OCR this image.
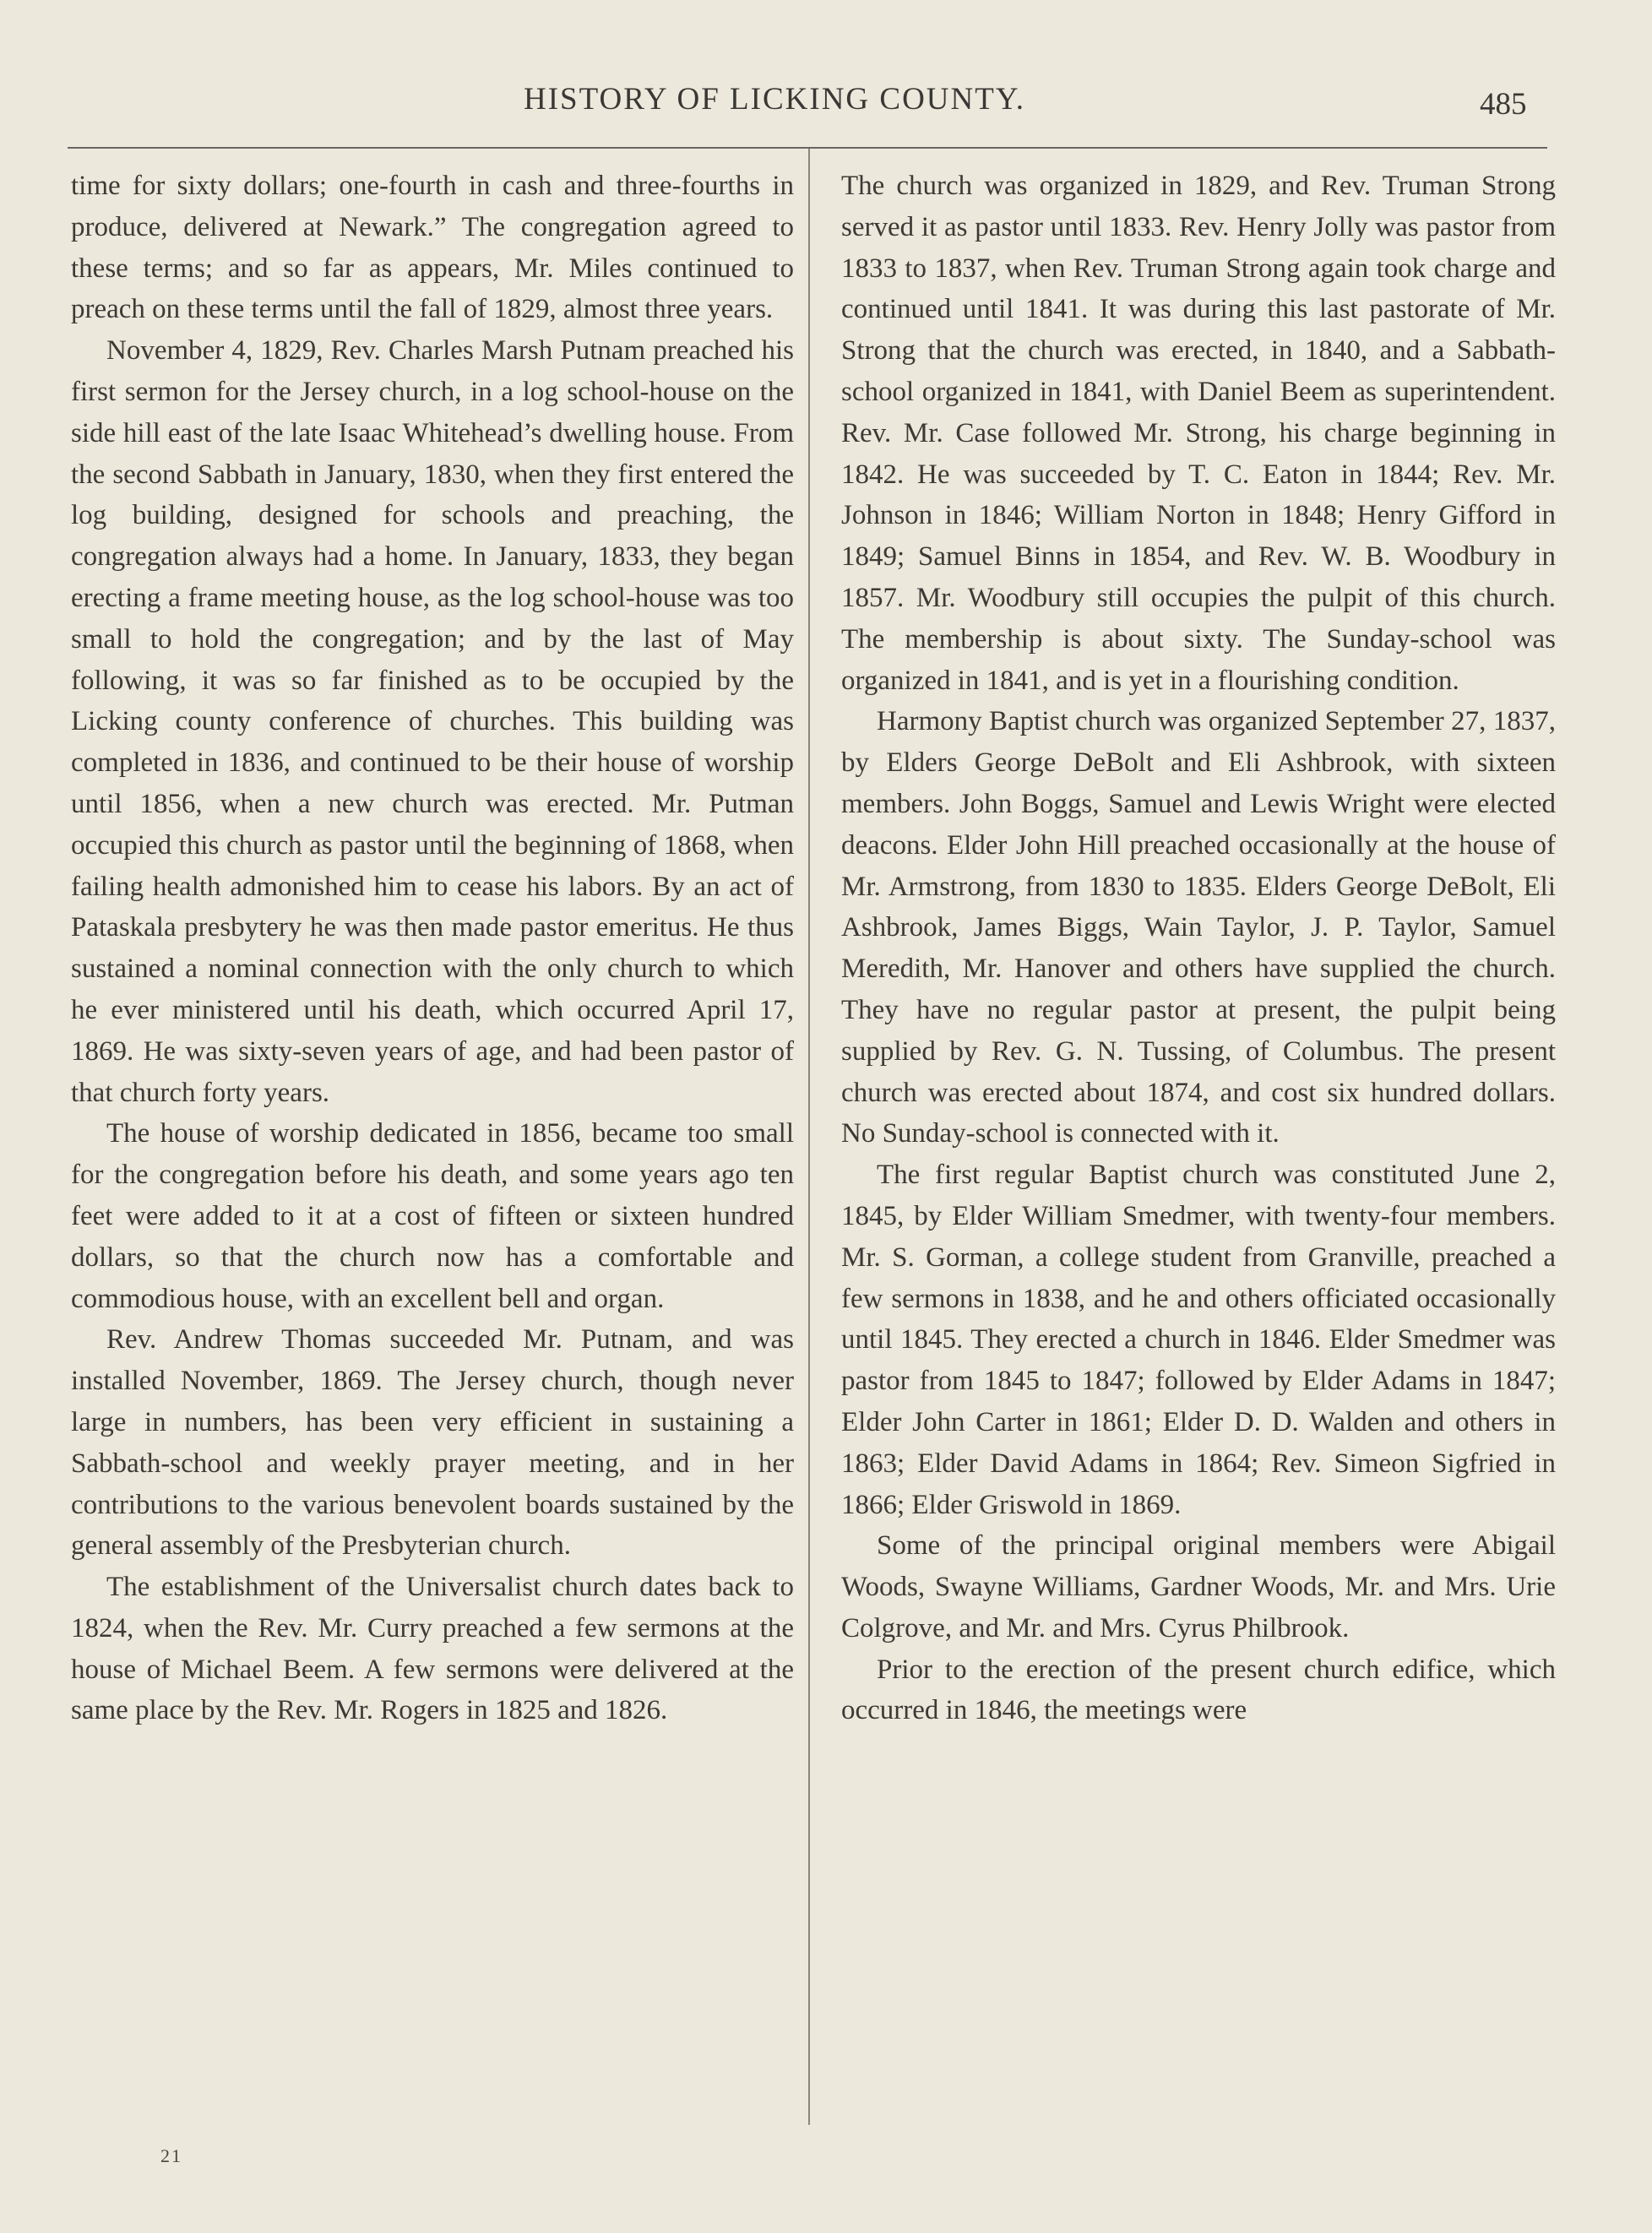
HISTORY OF LICKING COUNTY.	485

time for sixty dollars; one-fourth in cash and three-fourths in produce, delivered at Newark.” The congregation agreed to these terms; and so far as appears, Mr. Miles continued to preach on these terms until the fall of 1829, almost three years.

November 4, 1829, Rev. Charles Marsh Putnam preached his first sermon for the Jersey church, in a log school-house on the side hill east of the late Isaac Whitehead’s dwelling house. From the second Sabbath in January, 1830, when they first entered the log building, designed for schools and preaching, the congregation always had a home. In January, 1833, they began erecting a frame meeting house, as the log school-house was too small to hold the congregation; and by the last of May following, it was so far finished as to be occupied by the Licking county conference of churches. This building was completed in 1836, and continued to be their house of worship until 1856, when a new church was erected. Mr. Putman occupied this church as pastor until the beginning of 1868, when failing health admonished him to cease his labors. By an act of Pataskala presbytery he was then made pastor emeritus. He thus sustained a nominal connection with the only church to which he ever ministered until his death, which occurred April 17, 1869. He was sixty-seven years of age, and had been pastor of that church forty years.

The house of worship dedicated in 1856, became too small for the congregation before his death, and some years ago ten feet were added to it at a cost of fifteen or sixteen hundred dollars, so that the church now has a comfortable and commodious house, with an excellent bell and organ.

Rev. Andrew Thomas succeeded Mr. Putnam, and was installed November, 1869. The Jersey church, though never large in numbers, has been very efficient in sustaining a Sabbath-school and weekly prayer meeting, and in her contributions to the various benevolent boards sustained by the general assembly of the Presbyterian church.

The establishment of the Universalist church dates back to 1824, when the Rev. Mr. Curry preached a few sermons at the house of Michael Beem. A few sermons were delivered at the same place by the Rev. Mr. Rogers in 1825 and 1826.

The church was organized in 1829, and Rev. Truman Strong served it as pastor until 1833. Rev. Henry Jolly was pastor from 1833 to 1837, when Rev. Truman Strong again took charge and continued until 1841. It was during this last pastorate of Mr. Strong that the church was erected, in 1840, and a Sabbath-school organized in 1841, with Daniel Beem as superintendent. Rev. Mr. Case followed Mr. Strong, his charge beginning in 1842. He was succeeded by T. C. Eaton in 1844; Rev. Mr. Johnson in 1846; William Norton in 1848; Henry Gifford in 1849; Samuel Binns in 1854, and Rev. W. B. Woodbury in 1857. Mr. Woodbury still occupies the pulpit of this church. The membership is about sixty. The Sunday-school was organized in 1841, and is yet in a flourishing condition.

Harmony Baptist church was organized September 27, 1837, by Elders George DeBolt and Eli Ashbrook, with sixteen members. John Boggs, Samuel and Lewis Wright were elected deacons. Elder John Hill preached occasionally at the house of Mr. Armstrong, from 1830 to 1835. Elders George DeBolt, Eli Ashbrook, James Biggs, Wain Taylor, J. P. Taylor, Samuel Meredith, Mr. Hanover and others have supplied the church. They have no regular pastor at present, the pulpit being supplied by Rev. G. N. Tussing, of Columbus. The present church was erected about 1874, and cost six hundred dollars. No Sunday-school is connected with it.

The first regular Baptist church was constituted June 2, 1845, by Elder William Smedmer, with twenty-four members. Mr. S. Gorman, a college student from Granville, preached a few sermons in 1838, and he and others officiated occasionally until 1845. They erected a church in 1846. Elder Smedmer was pastor from 1845 to 1847; followed by Elder Adams in 1847; Elder John Carter in 1861; Elder D. D. Walden and others in 1863; Elder David Adams in 1864; Rev. Simeon Sigfried in 1866; Elder Griswold in 1869.

Some of the principal original members were Abigail Woods, Swayne Williams, Gardner Woods, Mr. and Mrs. Urie Colgrove, and Mr. and Mrs. Cyrus Philbrook.

Prior to the erection of the present church edifice, which occurred in 1846, the meetings were

21
